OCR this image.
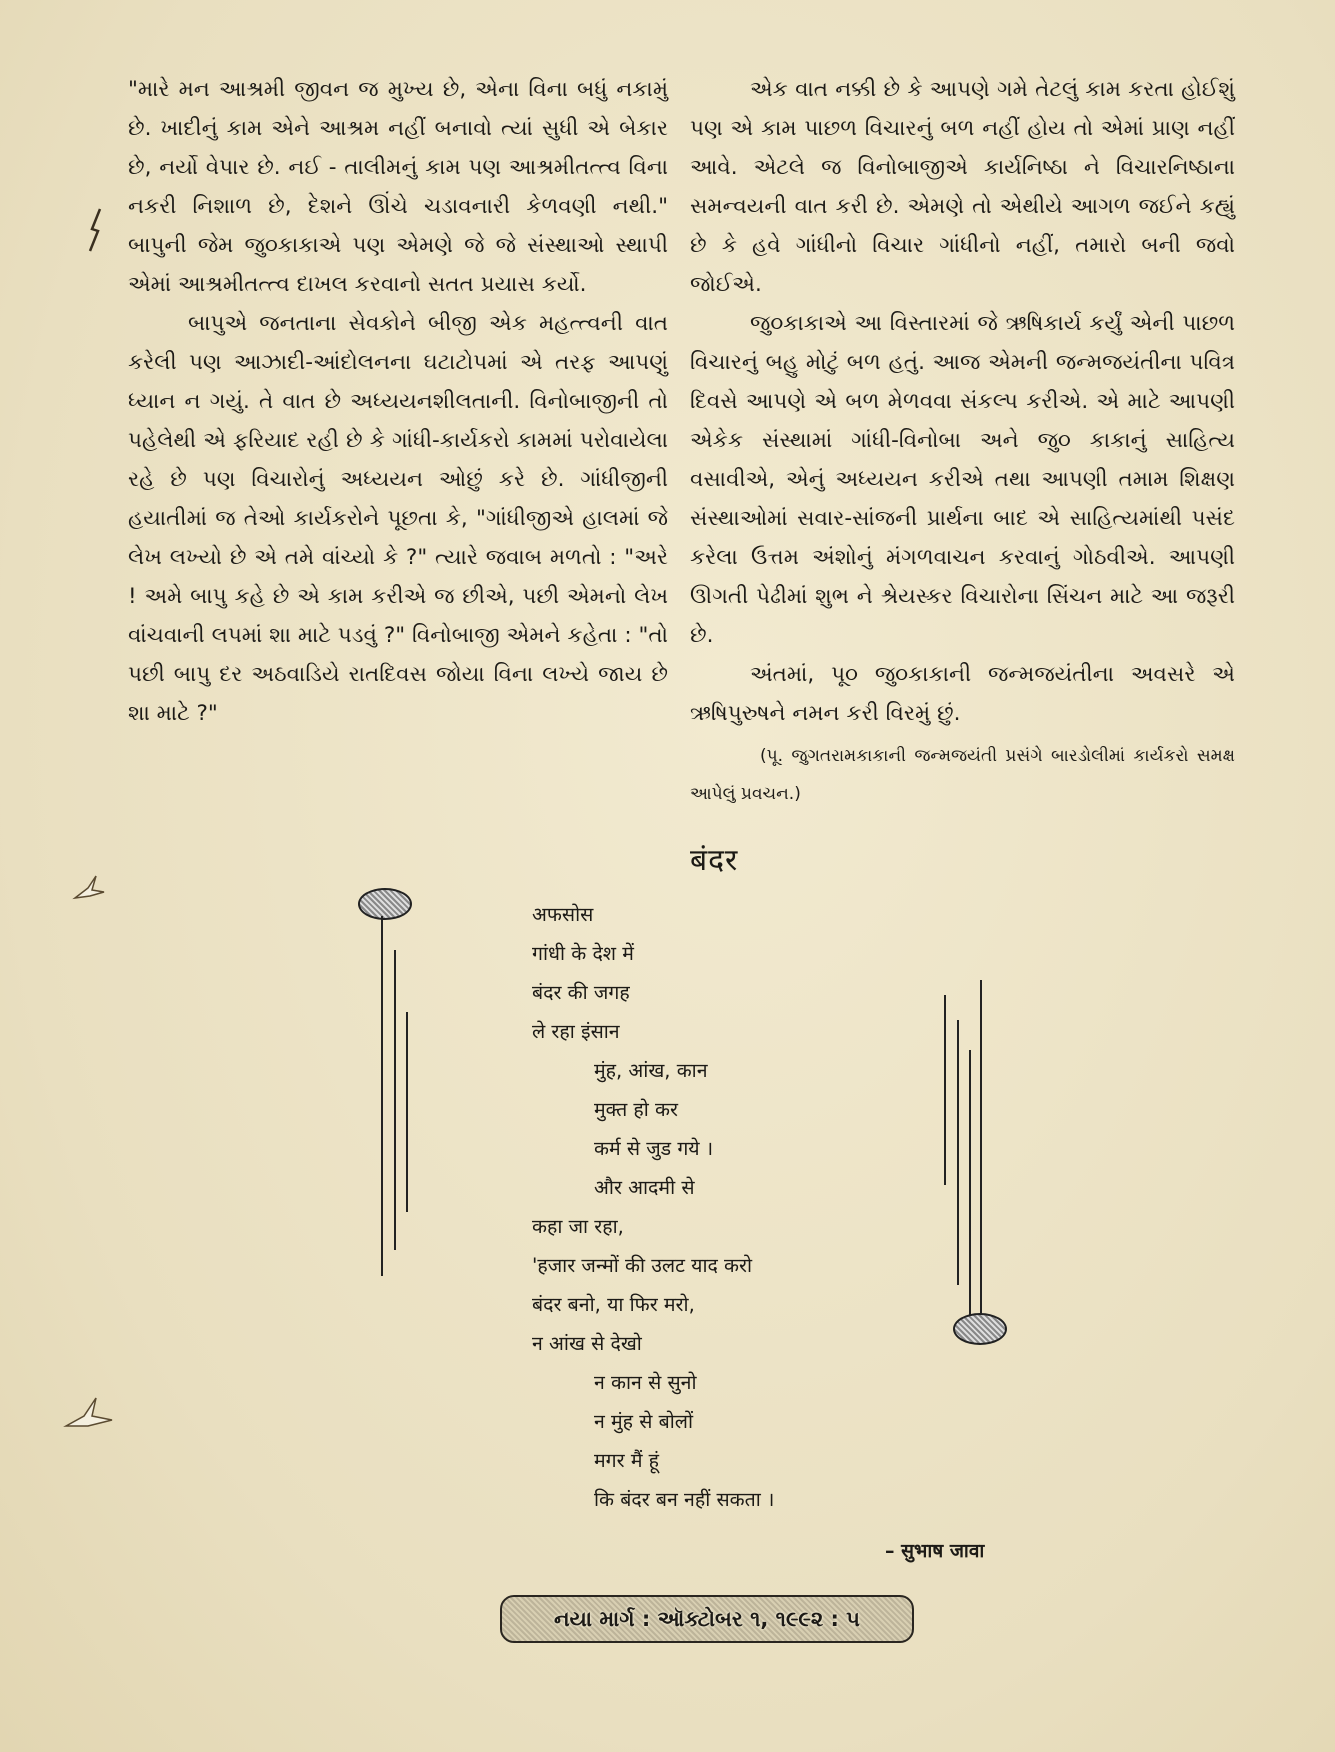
"મારે મન આશ્રમી જીવન જ મુખ્ય છે, એના વિના બધું નકામું છે. ખાદીનું કામ એને આશ્રમ નહીં બનાવો ત્યાં સુધી એ બેકાર છે, નર્યો વેપાર છે. નઈ - તાલીમનું કામ પણ આશ્રમીતત્ત્વ વિના નકરી નિશાળ છે, દેશને ઊંચે ચડાવનારી કેળવણી નથી." બાપુની જેમ જુ૦કાકાએ પણ એમણે જે જે સંસ્થાઓ સ્થાપી એમાં આશ્રમીતત્ત્વ દાખલ કરવાનો સતત પ્રયાસ કર્યો.

બાપુએ જનતાના સેવકોને બીજી એક મહત્ત્વની વાત કરેલી પણ આઝાદી-આંદોલનના ઘટાટોપમાં એ તરફ આપણું ધ્યાન ન ગયું. તે વાત છે અધ્યયનશીલતાની. વિનોબાજીની તો પહેલેથી એ ફરિયાદ રહી છે કે ગાંધી-કાર્યકરો કામમાં પરોવાયેલા રહે છે પણ વિચારોનું અધ્યયન ઓછું કરે છે. ગાંધીજીની હયાતીમાં જ તેઓ કાર્યકરોને પૂછતા કે, "ગાંધીજીએ હાલમાં જે લેખ લખ્યો છે એ તમે વાંચ્યો કે ?" ત્યારે જવાબ મળતો : "અરે ! અમે બાપુ કહે છે એ કામ કરીએ જ છીએ, પછી એમનો લેખ વાંચવાની લપમાં શા માટે પડવું ?" વિનોબાજી એમને કહેતા : "તો પછી બાપુ દર અઠવાડિયે રાતદિવસ જોયા વિના લખ્યે જાય છે શા માટે ?"

એક વાત નક્કી છે કે આપણે ગમે તેટલું કામ કરતા હોઈશું પણ એ કામ પાછળ વિચારનું બળ નહીં હોય તો એમાં પ્રાણ નહીં આવે. એટલે જ વિનોબાજીએ કાર્યનિષ્ઠા ને વિચારનિષ્ઠાના સમન્વયની વાત કરી છે. એમણે તો એથીયે આગળ જઈને કહ્યું છે કે હવે ગાંધીનો વિચાર ગાંધીનો નહીં, તમારો બની જવો જોઈએ.

જુ૦કાકાએ આ વિસ્તારમાં જે ઋષિકાર્ય કર્યું એની પાછળ વિચારનું બહુ મોટું બળ હતું. આજ એમની જન્મજયંતીના પવિત્ર દિવસે આપણે એ બળ મેળવવા સંકલ્પ કરીએ. એ માટે આપણી એકેક સંસ્થામાં ગાંધી-વિનોબા અને જુ૦ કાકાનું સાહિત્ય વસાવીએ, એનું અધ્યયન કરીએ તથા આપણી તમામ શિક્ષણ સંસ્થાઓમાં સવાર-સાંજની પ્રાર્થના બાદ એ સાહિત્યમાંથી પસંદ કરેલા ઉત્તમ અંશોનું મંગળવાચન કરવાનું ગોઠવીએ. આપણી ઊગતી પેઢીમાં શુભ ને શ્રેયસ્કર વિચારોના સિંચન માટે આ જરૂરી છે.

અંતમાં, પૂ૦ જુ૦કાકાની જન્મજયંતીના અવસરે એ ઋષિપુરુષને નમન કરી વિરમું છું.

(પૂ. જુગતરામકાકાની જન્મજયંતી પ્રસંગે બારડોલીમાં કાર્યકરો સમક્ષ આપેલું પ્રવચન.)

बंदर
अफसोस
गांधी के देश में
बंदर की जगह
ले रहा इंसान
मुंह, आंख, कान
मुक्त हो कर
कर्म से जुड गये ।
और आदमी से
कहा जा रहा,
'हजार जन्मों की उलट याद करो
बंदर बनो, या फिर मरो,
न आंख से देखो
न कान से सुनो
न मुंह से बोलों
मगर मैं हूं
कि बंदर बन नहीं सकता ।
– सुभाष जावा
નયા માર્ગ : ઑક્ટોબર ૧, ૧૯૯૨ : ૫
